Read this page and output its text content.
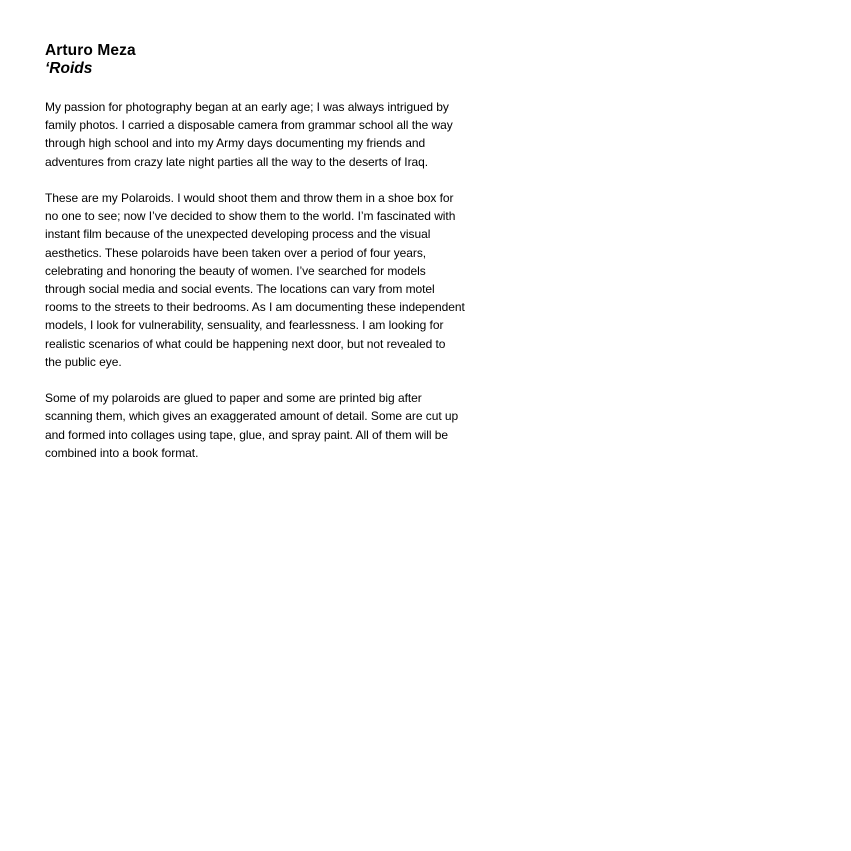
Arturo Meza
‘Roids

My passion for photography began at an early age; I was always intrigued by family photos. I carried a disposable camera from grammar school all the way through high school and into my Army days documenting my friends and adventures from crazy late night parties all the way to the deserts of Iraq.

These are my Polaroids. I would shoot them and throw them in a shoe box for no one to see; now I’ve decided to show them to the world. I’m fascinated with instant film because of the unexpected developing process and the visual aesthetics. These polaroids have been taken over a period of four years, celebrating and honoring the beauty of women. I’ve searched for models through social media and social events. The locations can vary from motel rooms to the streets to their bedrooms. As I am documenting these independent models, I look for vulnerability, sensuality, and fearlessness. I am looking for realistic scenarios of what could be happening next door, but not revealed to the public eye.

Some of my polaroids are glued to paper and some are printed big after scanning them, which gives an exaggerated amount of detail. Some are cut up and formed into collages using tape, glue, and spray paint. All of them will be combined into a book format.
